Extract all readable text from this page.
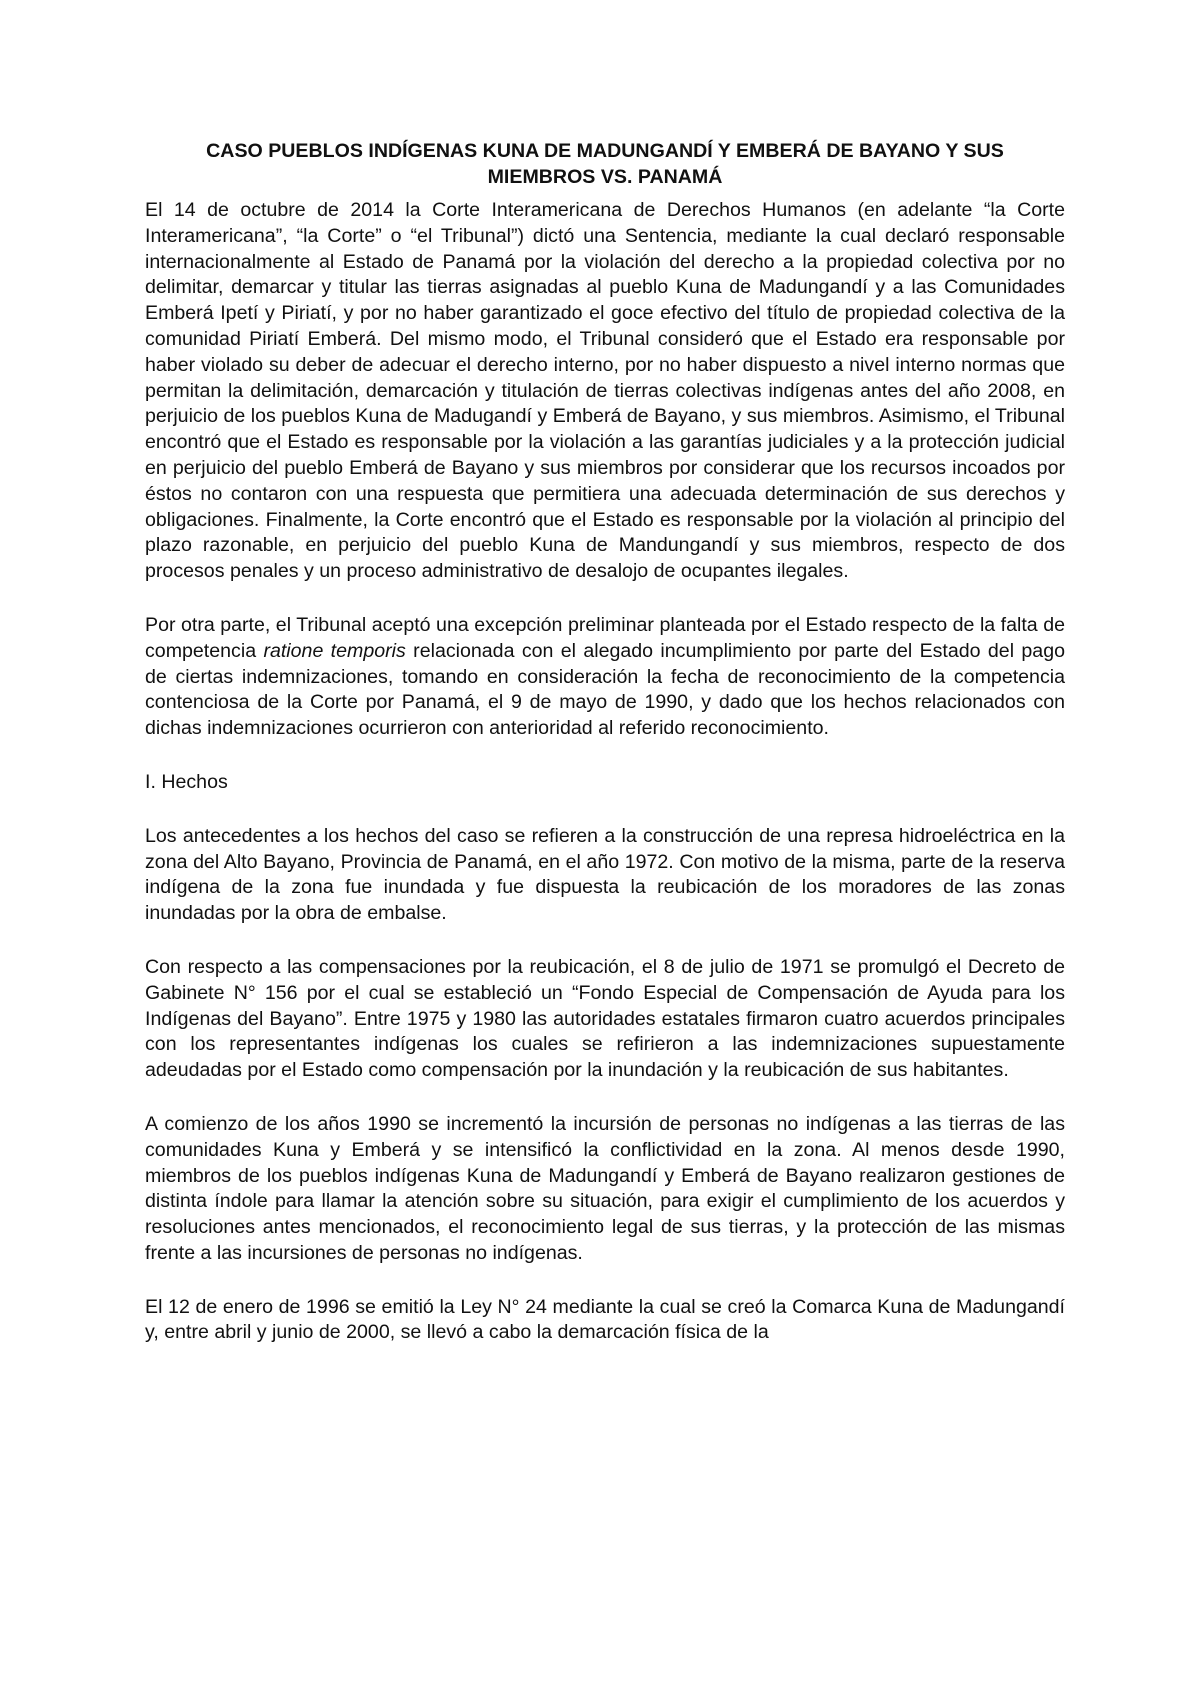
CASO PUEBLOS INDÍGENAS KUNA DE MADUNGANDÍ Y EMBERÁ DE BAYANO Y SUS
MIEMBROS VS. PANAMÁ

El 14 de octubre de 2014 la Corte Interamericana de Derechos Humanos (en adelante “la Corte Interamericana”, “la Corte” o “el Tribunal”) dictó una Sentencia, mediante la cual declaró responsable internacionalmente al Estado de Panamá por la violación del derecho a la propiedad colectiva por no delimitar, demarcar y titular las tierras asignadas al pueblo Kuna de Madungandí y a las Comunidades Emberá Ipetí y Piriatí, y por no haber garantizado el goce efectivo del título de propiedad colectiva de la comunidad Piriatí Emberá. Del mismo modo, el Tribunal consideró que el Estado era responsable por haber violado su deber de adecuar el derecho interno, por no haber dispuesto a nivel interno normas que permitan la delimitación, demarcación y titulación de tierras colectivas indígenas antes del año 2008, en perjuicio de los pueblos Kuna de Madugandí y Emberá de Bayano, y sus miembros. Asimismo, el Tribunal encontró que el Estado es responsable por la violación a las garantías judiciales y a la protección judicial en perjuicio del pueblo Emberá de Bayano y sus miembros por considerar que los recursos incoados por éstos no contaron con una respuesta que permitiera una adecuada determinación de sus derechos y obligaciones. Finalmente, la Corte encontró que el Estado es responsable por la violación al principio del plazo razonable, en perjuicio del pueblo Kuna de Mandungandí y sus miembros, respecto de dos procesos penales y un proceso administrativo de desalojo de ocupantes ilegales.

Por otra parte, el Tribunal aceptó una excepción preliminar planteada por el Estado respecto de la falta de competencia ratione temporis relacionada con el alegado incumplimiento por parte del Estado del pago de ciertas indemnizaciones, tomando en consideración la fecha de reconocimiento de la competencia contenciosa de la Corte por Panamá, el 9 de mayo de 1990, y dado que los hechos relacionados con dichas indemnizaciones ocurrieron con anterioridad al referido reconocimiento.

I. Hechos

Los antecedentes a los hechos del caso se refieren a la construcción de una represa hidroeléctrica en la zona del Alto Bayano, Provincia de Panamá, en el año 1972. Con motivo de la misma, parte de la reserva indígena de la zona fue inundada y fue dispuesta la reubicación de los moradores de las zonas inundadas por la obra de embalse.

Con respecto a las compensaciones por la reubicación, el 8 de julio de 1971 se promulgó el Decreto de Gabinete N° 156 por el cual se estableció un “Fondo Especial de Compensación de Ayuda para los Indígenas del Bayano”. Entre 1975 y 1980 las autoridades estatales firmaron cuatro acuerdos principales con los representantes indígenas los cuales se refirieron a las indemnizaciones supuestamente adeudadas por el Estado como compensación por la inundación y la reubicación de sus habitantes.

A comienzo de los años 1990 se incrementó la incursión de personas no indígenas a las tierras de las comunidades Kuna y Emberá y se intensificó la conflictividad en la zona. Al menos desde 1990, miembros de los pueblos indígenas Kuna de Madungandí y Emberá de Bayano realizaron gestiones de distinta índole para llamar la atención sobre su situación, para exigir el cumplimiento de los acuerdos y resoluciones antes mencionados, el reconocimiento legal de sus tierras, y la protección de las mismas frente a las incursiones de personas no indígenas.

El 12 de enero de 1996 se emitió la Ley N° 24 mediante la cual se creó la Comarca Kuna de Madungandí y, entre abril y junio de 2000, se llevó a cabo la demarcación física de la
